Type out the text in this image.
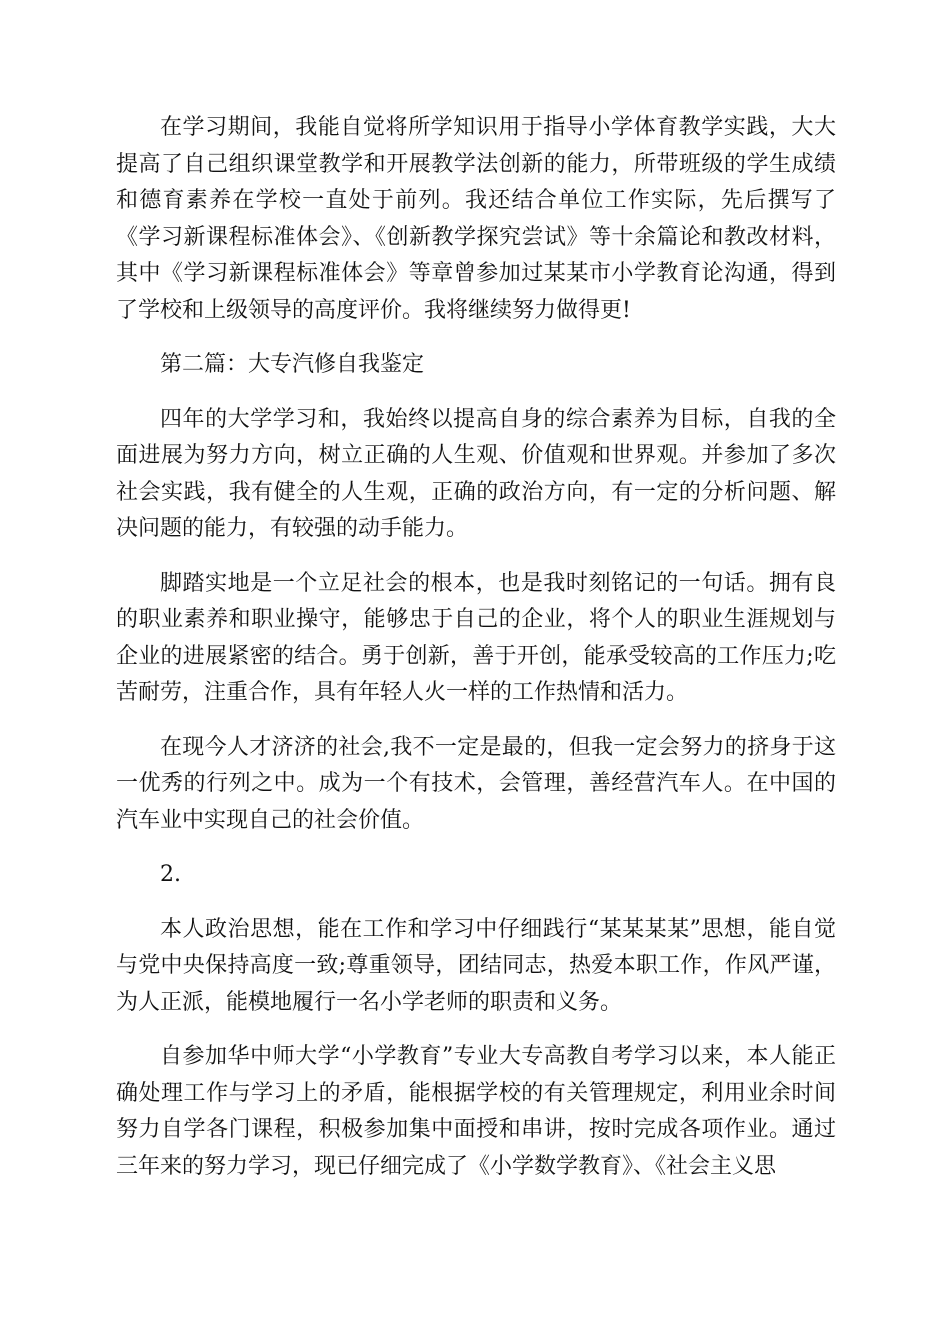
在学习期间，我能自觉将所学知识用于指导小学体育教学实践，大大提高了自己组织课堂教学和开展教学法创新的能力，所带班级的学生成绩和德育素养在学校一直处于前列。我还结合单位工作实际，先后撰写了《学习新课程标准体会》、《创新教学探究尝试》等十余篇论和教改材料，其中《学习新课程标准体会》等章曾参加过某某市小学教育论沟通，得到了学校和上级领导的高度评价。我将继续努力做得更!

第二篇：大专汽修自我鉴定

四年的大学学习和，我始终以提高自身的综合素养为目标，自我的全面进展为努力方向，树立正确的人生观、价值观和世界观。并参加了多次社会实践，我有健全的人生观，正确的政治方向，有一定的分析问题、解决问题的能力，有较强的动手能力。

脚踏实地是一个立足社会的根本，也是我时刻铭记的一句话。拥有良的职业素养和职业操守，能够忠于自己的企业，将个人的职业生涯规划与企业的进展紧密的结合。勇于创新，善于开创，能承受较高的工作压力;吃苦耐劳，注重合作，具有年轻人火一样的工作热情和活力。

在现今人才济济的社会,我不一定是最的，但我一定会努力的挤身于这一优秀的行列之中。成为一个有技术，会管理，善经营汽车人。在中国的汽车业中实现自己的社会价值。

2.

本人政治思想，能在工作和学习中仔细践行“某某某某”思想，能自觉与党中央保持高度一致;尊重领导，团结同志，热爱本职工作，作风严谨，为人正派，能模地履行一名小学老师的职责和义务。

自参加华中师大学“小学教育”专业大专高教自考学习以来，本人能正确处理工作与学习上的矛盾，能根据学校的有关管理规定，利用业余时间努力自学各门课程，积极参加集中面授和串讲，按时完成各项作业。通过三年来的努力学习，现已仔细完成了《小学数学教育》、《社会主义思
